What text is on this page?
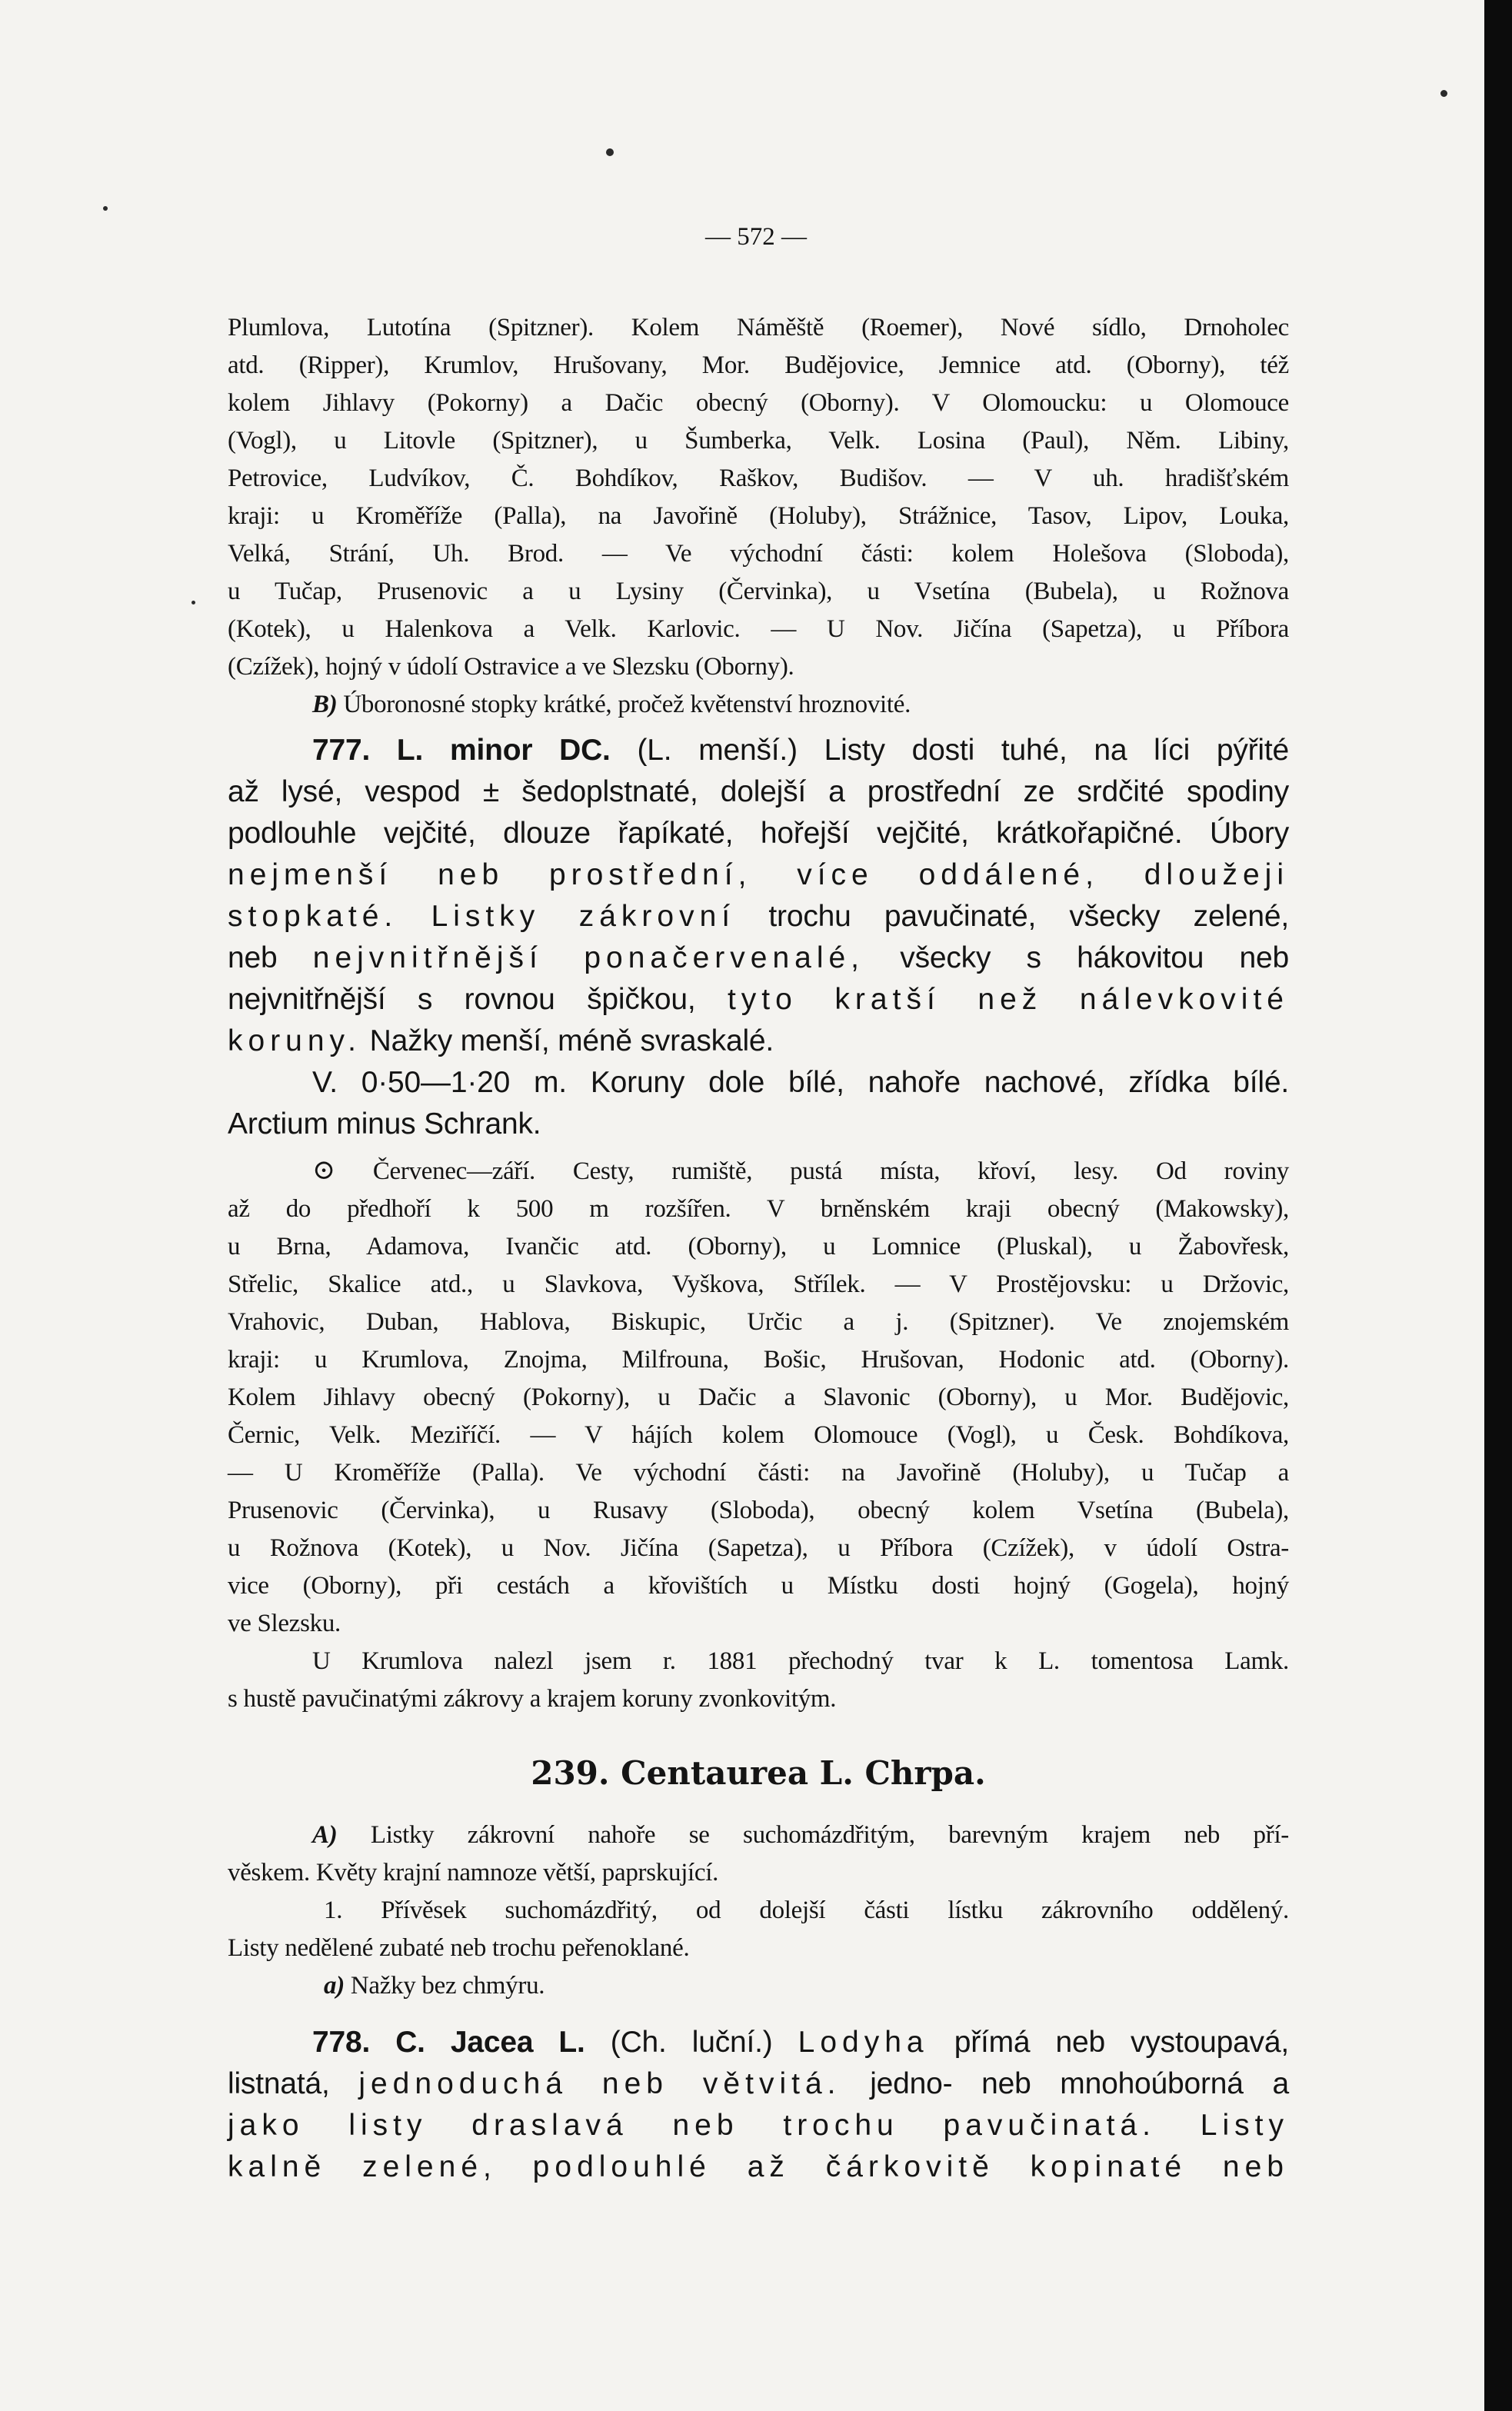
— 572 —
Plumlova, Lutotína (Spitzner). Kolem Náměště (Roemer), Nové sídlo, Drnoholec
atd. (Ripper), Krumlov, Hrušovany, Mor. Budějovice, Jemnice atd. (Oborny), též
kolem Jihlavy (Pokorny) a Dačic obecný (Oborny). V Olomoucku: u Olomouce
(Vogl), u Litovle (Spitzner), u Šumberka, Velk. Losina (Paul), Něm. Libiny,
Petrovice, Ludvíkov, Č. Bohdíkov, Raškov, Budišov. — V uh. hradišťském
kraji: u Kroměříže (Palla), na Javořině (Holuby), Strážnice, Tasov, Lipov, Louka,
Velká, Strání, Uh. Brod. — Ve východní části: kolem Holešova (Sloboda),
u Tučap, Prusenovic a u Lysiny (Červinka), u Vsetína (Bubela), u Rožnova
(Kotek), u Halenkova a Velk. Karlovic. — U Nov. Jičína (Sapetza), u Příbora
(Czížek), hojný v údolí Ostravice a ve Slezsku (Oborny).
B) Úboronosné stopky krátké, pročež květenství hroznovité.
777. L. minor DC. (L. menší.) Listy dosti tuhé, na líci pýřité
až lysé, vespod ± šedoplstnaté, dolejší a prostřední ze srdčité spodiny
podlouhle vejčité, dlouze řapíkaté, hořejší vejčité, krátkořapičné. Úbory
nejmenší neb prostřední, více oddálené, dloužeji
stopkaté. Listky zákrovní trochu pavučinaté, všecky zelené,
neb nejvnitřnější ponačervenalé, všecky s hákovitou neb
nejvnitřnější s rovnou špičkou, tyto kratší než nálevkovité
koruny. Nažky menší, méně svraskalé.
V. 0·50—1·20 m. Koruny dole bílé, nahoře nachové, zřídka bílé.
Arctium minus Schrank.
⊙ Červenec—září. Cesty, rumiště, pustá místa, křoví, lesy. Od roviny
až do předhoří k 500 m rozšířen. V brněnském kraji obecný (Makowsky),
u Brna, Adamova, Ivančic atd. (Oborny), u Lomnice (Pluskal), u Žabovřesk,
Střelic, Skalice atd., u Slavkova, Vyškova, Střílek. — V Prostějovsku: u Držovic,
Vrahovic, Duban, Hablova, Biskupic, Určic a j. (Spitzner). Ve znojemském
kraji: u Krumlova, Znojma, Milfrouna, Bošic, Hrušovan, Hodonic atd. (Oborny).
Kolem Jihlavy obecný (Pokorny), u Dačic a Slavonic (Oborny), u Mor. Budějovic,
Černic, Velk. Meziříčí. — V hájích kolem Olomouce (Vogl), u Česk. Bohdíkova,
— U Kroměříže (Palla). Ve východní části: na Javořině (Holuby), u Tučap a
Prusenovic (Červinka), u Rusavy (Sloboda), obecný kolem Vsetína (Bubela),
u Rožnova (Kotek), u Nov. Jičína (Sapetza), u Příbora (Czížek), v údolí Ostra-
vice (Oborny), při cestách a křovištích u Místku dosti hojný (Gogela), hojný
ve Slezsku.
U Krumlova nalezl jsem r. 1881 přechodný tvar k L. tomentosa Lamk.
s hustě pavučinatými zákrovy a krajem koruny zvonkovitým.
239. Centaurea L. Chrpa.
A) Listky zákrovní nahoře se suchomázdřitým, barevným krajem neb pří-
věskem. Květy krajní namnoze větší, paprskující.
1. Přívěsek suchomázdřitý, od dolejší části lístku zákrovního oddělený.
Listy nedělené zubaté neb trochu peřenoklané.
a) Nažky bez chmýru.
778. C. Jacea L. (Ch. luční.) Lodyha přímá neb vystoupavá,
listnatá, jednoduchá neb větvitá. jedno- neb mnohoúborná a
jako listy draslavá neb trochu pavučinatá. Listy
kalně zelené, podlouhlé až čárkovitě kopinaté neb
